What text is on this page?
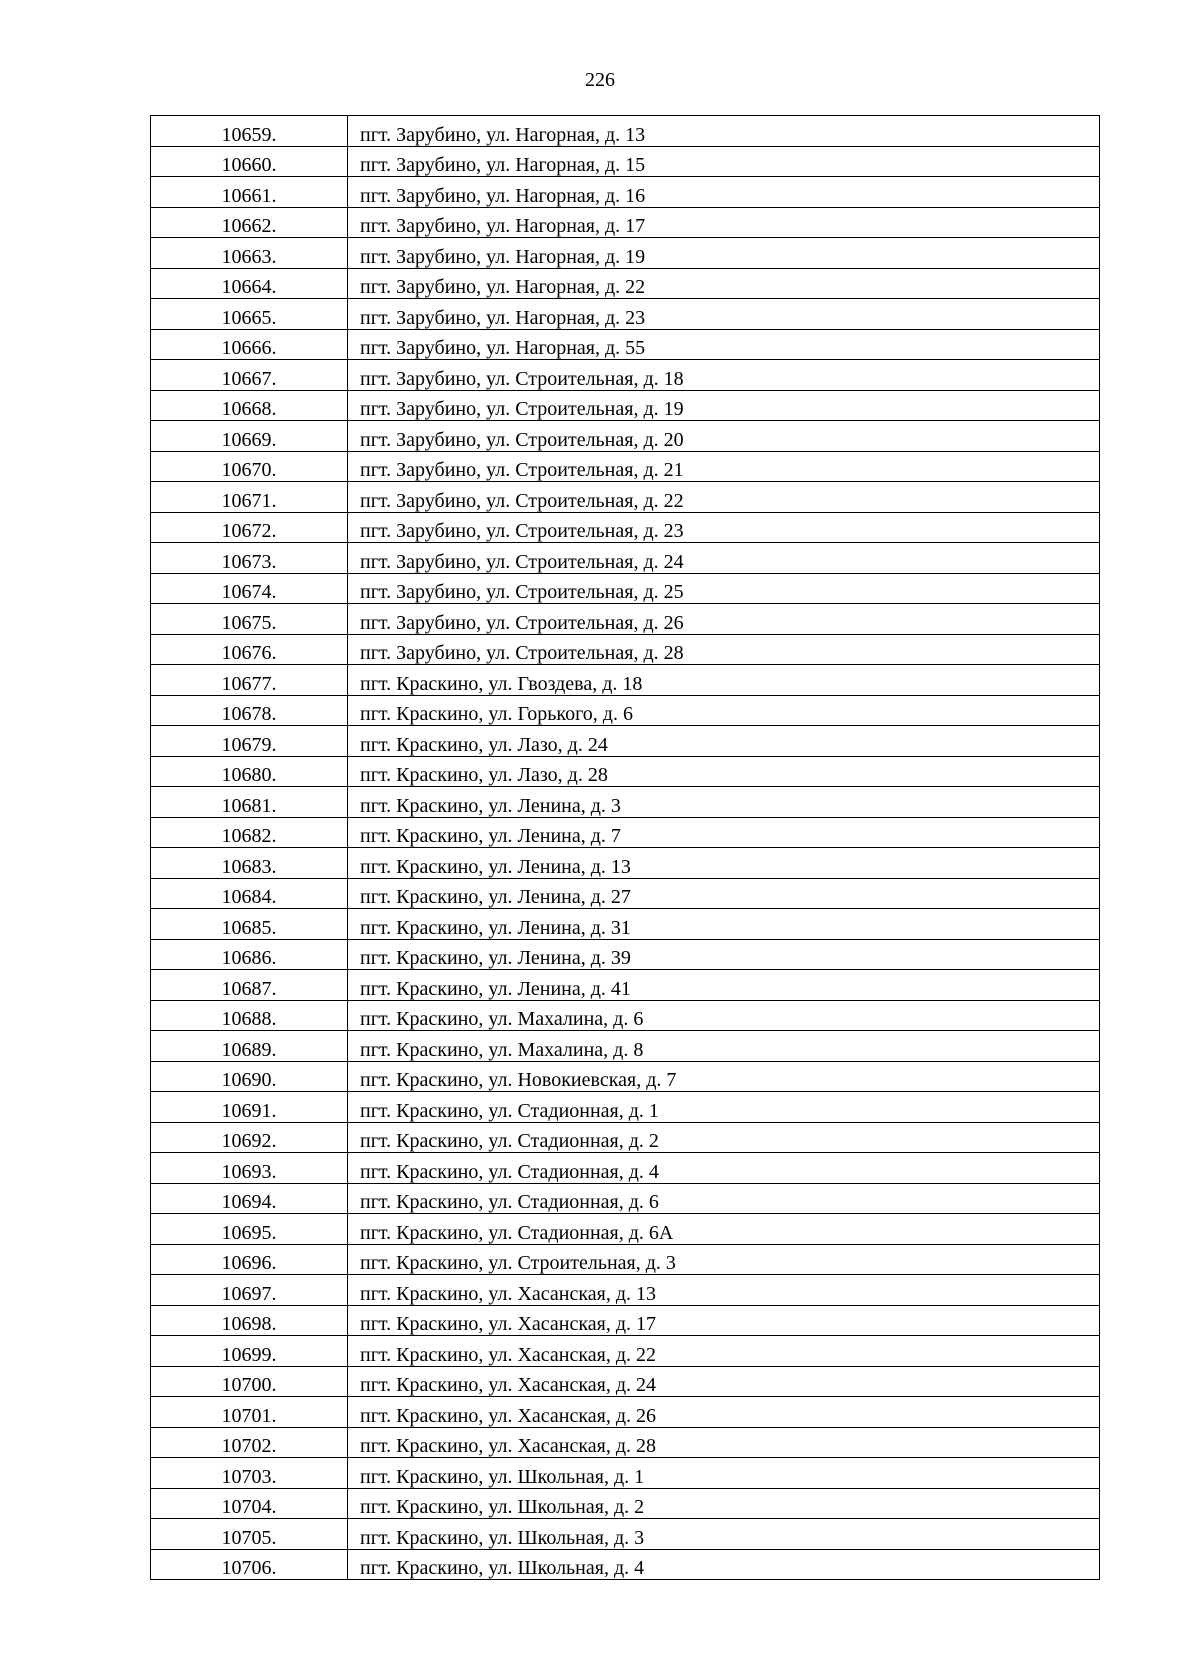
226
10659.	пгт. Зарубино, ул. Нагорная, д. 13
10660.	пгт. Зарубино, ул. Нагорная, д. 15
10661.	пгт. Зарубино, ул. Нагорная, д. 16
10662.	пгт. Зарубино, ул. Нагорная, д. 17
10663.	пгт. Зарубино, ул. Нагорная, д. 19
10664.	пгт. Зарубино, ул. Нагорная, д. 22
10665.	пгт. Зарубино, ул. Нагорная, д. 23
10666.	пгт. Зарубино, ул. Нагорная, д. 55
10667.	пгт. Зарубино, ул. Строительная, д. 18
10668.	пгт. Зарубино, ул. Строительная, д. 19
10669.	пгт. Зарубино, ул. Строительная, д. 20
10670.	пгт. Зарубино, ул. Строительная, д. 21
10671.	пгт. Зарубино, ул. Строительная, д. 22
10672.	пгт. Зарубино, ул. Строительная, д. 23
10673.	пгт. Зарубино, ул. Строительная, д. 24
10674.	пгт. Зарубино, ул. Строительная, д. 25
10675.	пгт. Зарубино, ул. Строительная, д. 26
10676.	пгт. Зарубино, ул. Строительная, д. 28
10677.	пгт. Краскино, ул. Гвоздева, д. 18
10678.	пгт. Краскино, ул. Горького, д. 6
10679.	пгт. Краскино, ул. Лазо, д. 24
10680.	пгт. Краскино, ул. Лазо, д. 28
10681.	пгт. Краскино, ул. Ленина, д. 3
10682.	пгт. Краскино, ул. Ленина, д. 7
10683.	пгт. Краскино, ул. Ленина, д. 13
10684.	пгт. Краскино, ул. Ленина, д. 27
10685.	пгт. Краскино, ул. Ленина, д. 31
10686.	пгт. Краскино, ул. Ленина, д. 39
10687.	пгт. Краскино, ул. Ленина, д. 41
10688.	пгт. Краскино, ул. Махалина, д. 6
10689.	пгт. Краскино, ул. Махалина, д. 8
10690.	пгт. Краскино, ул. Новокиевская, д. 7
10691.	пгт. Краскино, ул. Стадионная, д. 1
10692.	пгт. Краскино, ул. Стадионная, д. 2
10693.	пгт. Краскино, ул. Стадионная, д. 4
10694.	пгт. Краскино, ул. Стадионная, д. 6
10695.	пгт. Краскино, ул. Стадионная, д. 6А
10696.	пгт. Краскино, ул. Строительная, д. 3
10697.	пгт. Краскино, ул. Хасанская, д. 13
10698.	пгт. Краскино, ул. Хасанская, д. 17
10699.	пгт. Краскино, ул. Хасанская, д. 22
10700.	пгт. Краскино, ул. Хасанская, д. 24
10701.	пгт. Краскино, ул. Хасанская, д. 26
10702.	пгт. Краскино, ул. Хасанская, д. 28
10703.	пгт. Краскино, ул. Школьная, д. 1
10704.	пгт. Краскино, ул. Школьная, д. 2
10705.	пгт. Краскино, ул. Школьная, д. 3
10706.	пгт. Краскино, ул. Школьная, д. 4
